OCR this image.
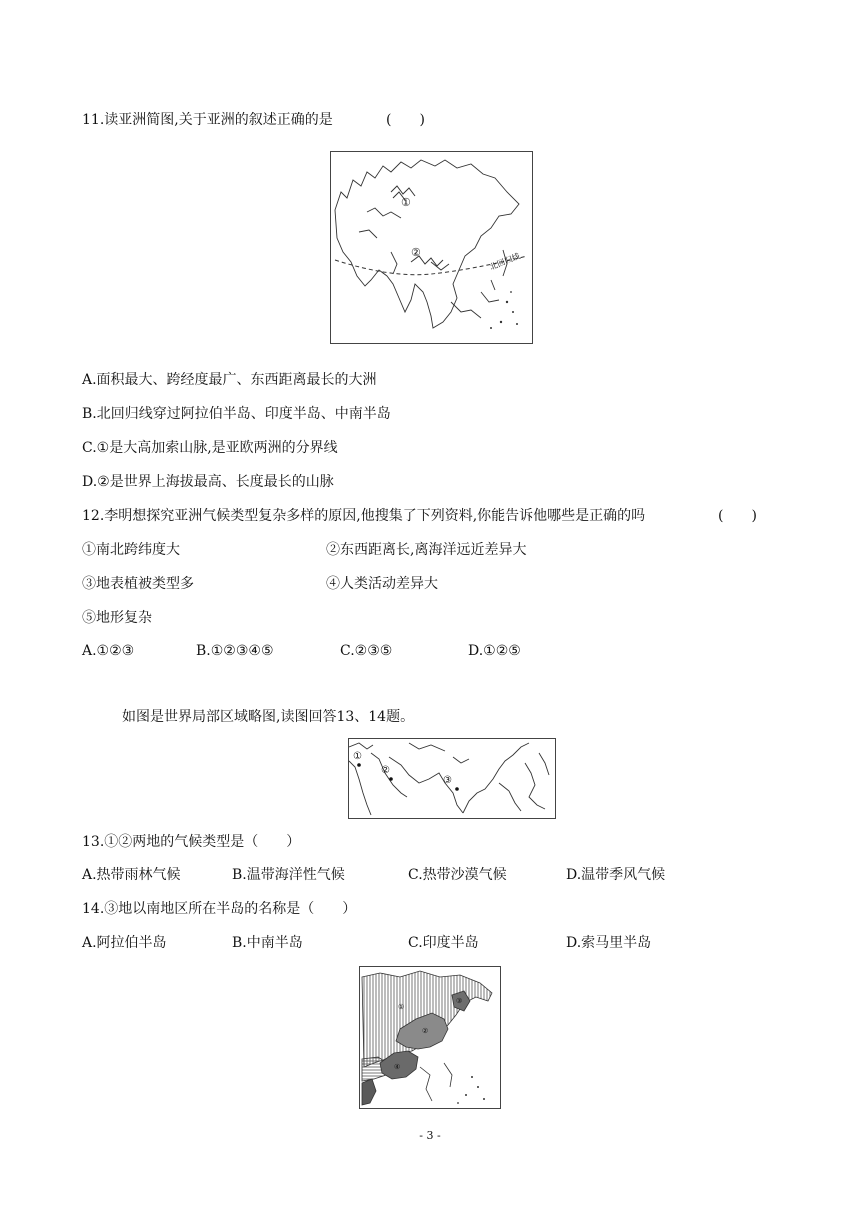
11.读亚洲简图,关于亚洲的叙述正确的是	(　　)
①
②	北回归线
A.面积最大、跨经度最广、东西距离最长的大洲
B.北回归线穿过阿拉伯半岛、印度半岛、中南半岛
C.①是大高加索山脉,是亚欧两洲的分界线
D.②是世界上海拔最高、长度最长的山脉
12.李明想探究亚洲气候类型复杂多样的原因,他搜集了下列资料,你能告诉他哪些是正确的吗	(　　)
①南北跨纬度大	②东西距离长,离海洋远近差异大
③地表植被类型多	④人类活动差异大
⑤地形复杂
A.①②③	B.①②③④⑤	C.②③⑤	D.①②⑤
如图是世界局部区域略图,读图回答13、14题。
①
②
③
13.①②两地的气候类型是（　　）
A.热带雨林气候	B.温带海洋性气候	C.热带沙漠气候	D.温带季风气候
14.③地以南地区所在半岛的名称是（　　）
A.阿拉伯半岛	B.中南半岛	C.印度半岛	D.索马里半岛
①
②
③
④
- 3 -
